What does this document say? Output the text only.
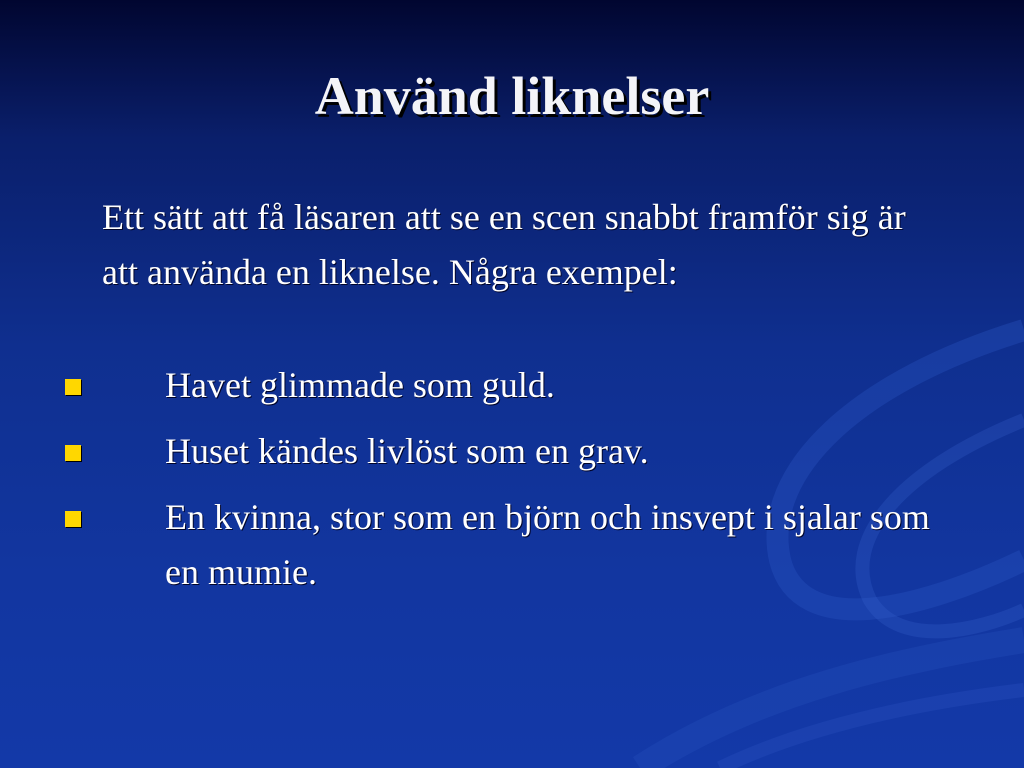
Använd liknelser

Ett sätt att få läsaren att se en scen snabbt framför sig är att använda en liknelse. Några exempel:

Havet glimmade som guld.
Huset kändes livlöst som en grav.
En kvinna, stor som en björn och insvept i sjalar som en mumie.
